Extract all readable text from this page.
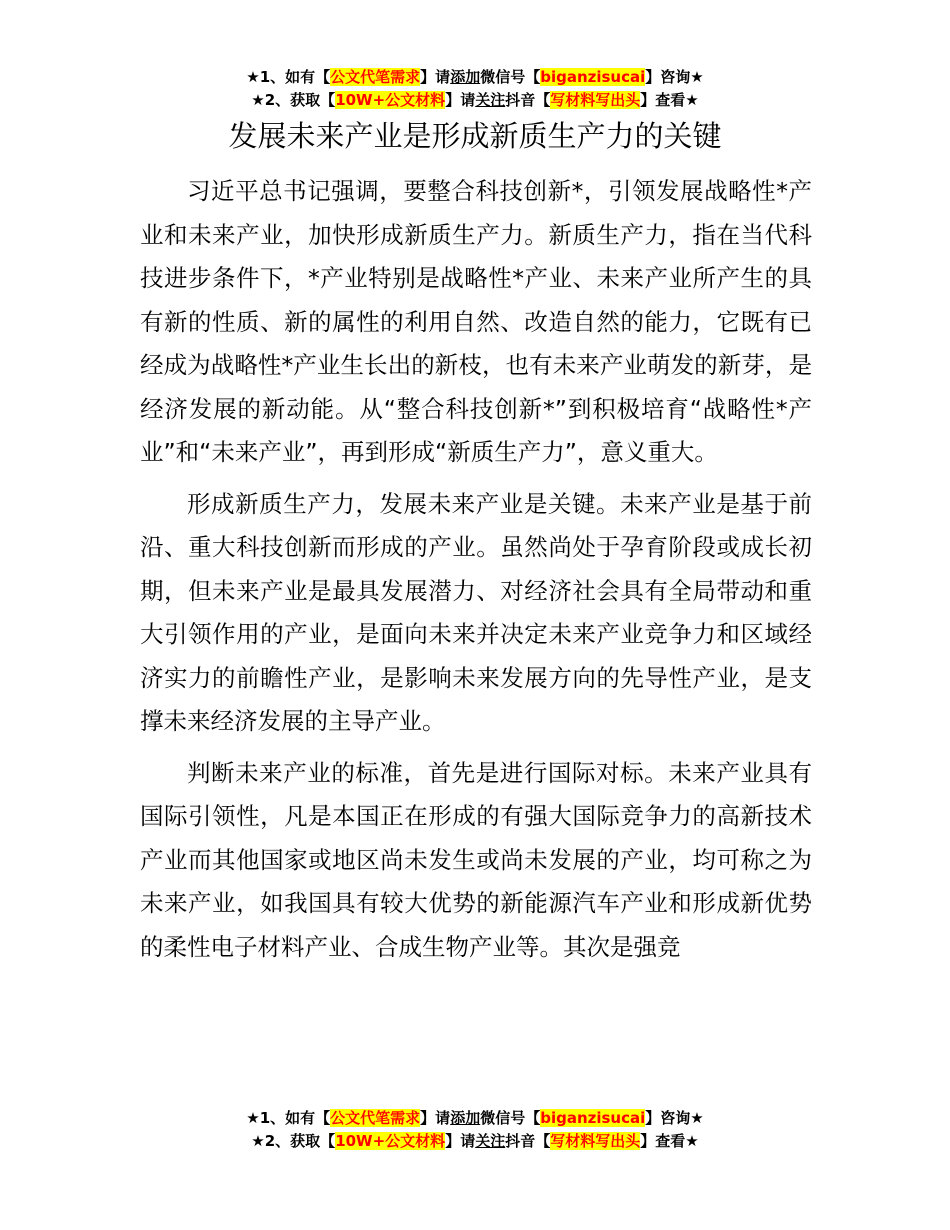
★1、如有【公文代笔需求】请添加微信号【biganzisucai】咨询★
★2、获取【10W+公文材料】请关注抖音【写材料写出头】查看★
发展未来产业是形成新质生产力的关键

习近平总书记强调，要整合科技创新*，引领发展战略性*产业和未来产业，加快形成新质生产力。新质生产力，指在当代科技进步条件下，*产业特别是战略性*产业、未来产业所产生的具有新的性质、新的属性的利用自然、改造自然的能力，它既有已经成为战略性*产业生长出的新枝，也有未来产业萌发的新芽，是经济发展的新动能。从“整合科技创新*”到积极培育“战略性*产业”和“未来产业”，再到形成“新质生产力”，意义重大。

形成新质生产力，发展未来产业是关键。未来产业是基于前沿、重大科技创新而形成的产业。虽然尚处于孕育阶段或成长初期，但未来产业是最具发展潜力、对经济社会具有全局带动和重大引领作用的产业，是面向未来并决定未来产业竞争力和区域经济实力的前瞻性产业，是影响未来发展方向的先导性产业，是支撑未来经济发展的主导产业。

判断未来产业的标准，首先是进行国际对标。未来产业具有国际引领性，凡是本国正在形成的有强大国际竞争力的高新技术产业而其他国家或地区尚未发生或尚未发展的产业，均可称之为未来产业，如我国具有较大优势的新能源汽车产业和形成新优势的柔性电子材料产业、合成生物产业等。其次是强竞

★1、如有【公文代笔需求】请添加微信号【biganzisucai】咨询★
★2、获取【10W+公文材料】请关注抖音【写材料写出头】查看★
